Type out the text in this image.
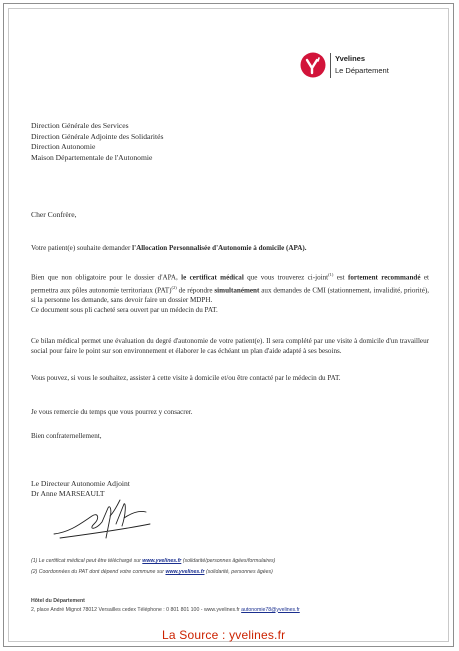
Yvelines
Le Département
Direction Générale des Services
Direction Générale Adjointe des Solidarités
Direction Autonomie
Maison Départementale de l'Autonomie
Cher Confrère,
Votre patient(e) souhaite demander l'Allocation Personnalisée d'Autonomie à domicile (APA).
Bien que non obligatoire pour le dossier d'APA, le certificat médical que vous trouverez ci-joint$^{(1)}$ est fortement recommandé et permettra aux pôles autonomie territoriaux (PAT)$^{(2)}$ de répondre simultanément aux demandes de CMI (stationnement, invalidité, priorité), si la personne les demande, sans devoir faire un dossier MDPH.
Ce document sous pli cacheté sera ouvert par un médecin du PAT.
Ce bilan médical permet une évaluation du degré d'autonomie de votre patient(e). Il sera complété par une visite à domicile d'un travailleur social pour faire le point sur son environnement et élaborer le cas échéant un plan d'aide adapté à ses besoins.
Vous pouvez, si vous le souhaitez, assister à cette visite à domicile et/ou être contacté par le médecin du PAT.
Je vous remercie du temps que vous pourrez y consacrer.
Bien confraternellement,
Le Directeur Autonomie Adjoint
Dr Anne MARSEAULT
(1) Le certificat médical peut être téléchargé sur www.yvelines.fr (solidarité/personnes âgées/formulaires)
(2) Coordonnées du PAT dont dépend votre commune sur www.yvelines.fr (solidarité, personnes âgées)
Hôtel du Département
2, place André Mignot 78012 Versailles cedex Téléphone : 0 801 801 100 - www.yvelines.fr autonomie78@yvelines.fr
La Source : yvelines.fr
